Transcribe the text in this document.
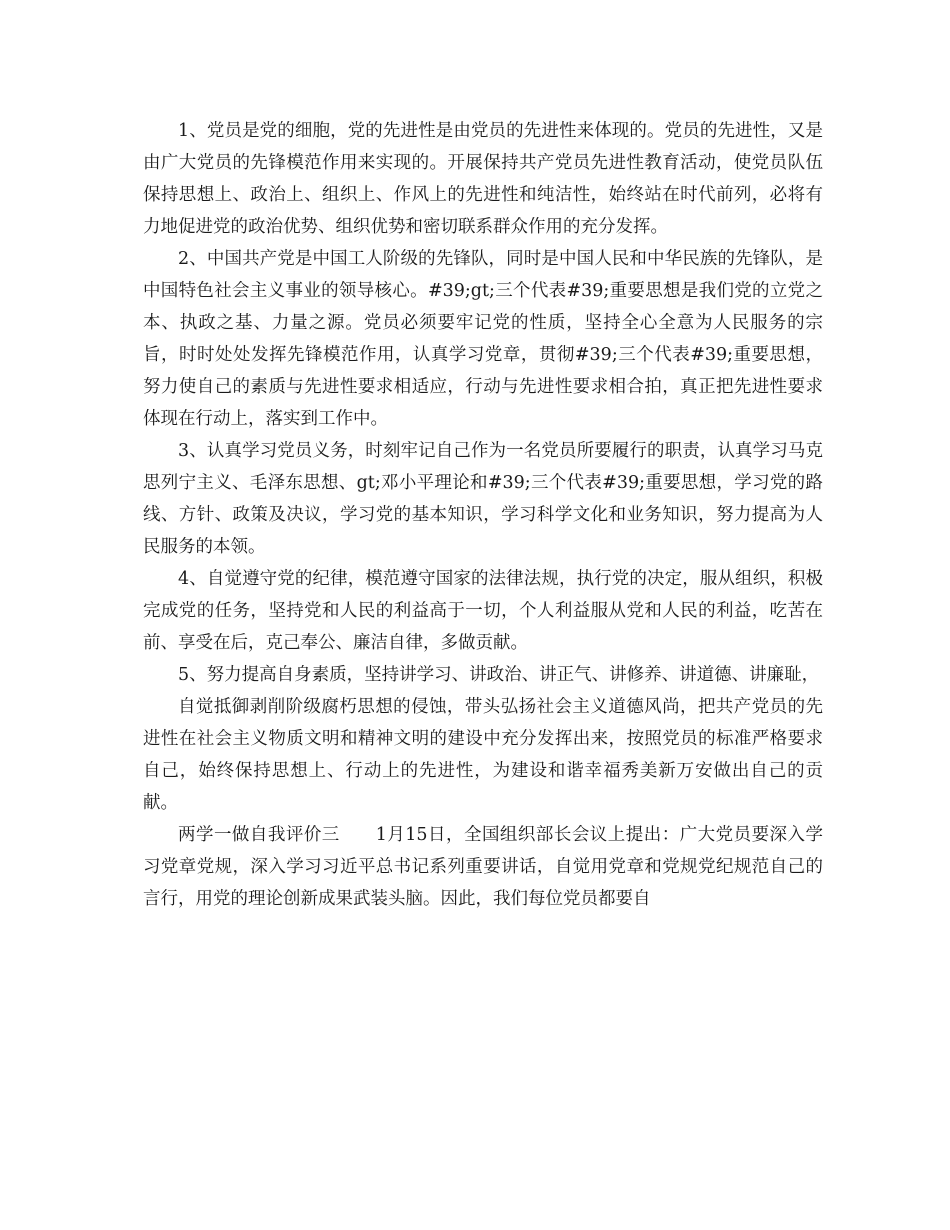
1、党员是党的细胞，党的先进性是由党员的先进性来体现的。党员的先进性，又是由广大党员的先锋模范作用来实现的。开展保持共产党员先进性教育活动，使党员队伍保持思想上、政治上、组织上、作风上的先进性和纯洁性，始终站在时代前列，必将有力地促进党的政治优势、组织优势和密切联系群众作用的充分发挥。

2、中国共产党是中国工人阶级的先锋队，同时是中国人民和中华民族的先锋队，是中国特色社会主义事业的领导核心。#39;gt;三个代表#39;重要思想是我们党的立党之本、执政之基、力量之源。党员必须要牢记党的性质，坚持全心全意为人民服务的宗旨，时时处处发挥先锋模范作用，认真学习党章，贯彻#39;三个代表#39;重要思想，努力使自己的素质与先进性要求相适应，行动与先进性要求相合拍，真正把先进性要求体现在行动上，落实到工作中。

3、认真学习党员义务，时刻牢记自己作为一名党员所要履行的职责，认真学习马克思列宁主义、毛泽东思想、gt;邓小平理论和#39;三个代表#39;重要思想，学习党的路线、方针、政策及决议，学习党的基本知识，学习科学文化和业务知识，努力提高为人民服务的本领。

4、自觉遵守党的纪律，模范遵守国家的法律法规，执行党的决定，服从组织，积极完成党的任务，坚持党和人民的利益高于一切，个人利益服从党和人民的利益，吃苦在前、享受在后，克己奉公、廉洁自律，多做贡献。

5、努力提高自身素质，坚持讲学习、讲政治、讲正气、讲修养、讲道德、讲廉耻，

自觉抵御剥削阶级腐朽思想的侵蚀，带头弘扬社会主义道德风尚，把共产党员的先进性在社会主义物质文明和精神文明的建设中充分发挥出来，按照党员的标准严格要求自己，始终保持思想上、行动上的先进性，为建设和谐幸福秀美新万安做出自己的贡献。

两学一做自我评价三　　1月15日，全国组织部长会议上提出：广大党员要深入学习党章党规，深入学习习近平总书记系列重要讲话，自觉用党章和党规党纪规范自己的言行，用党的理论创新成果武装头脑。因此，我们每位党员都要自
